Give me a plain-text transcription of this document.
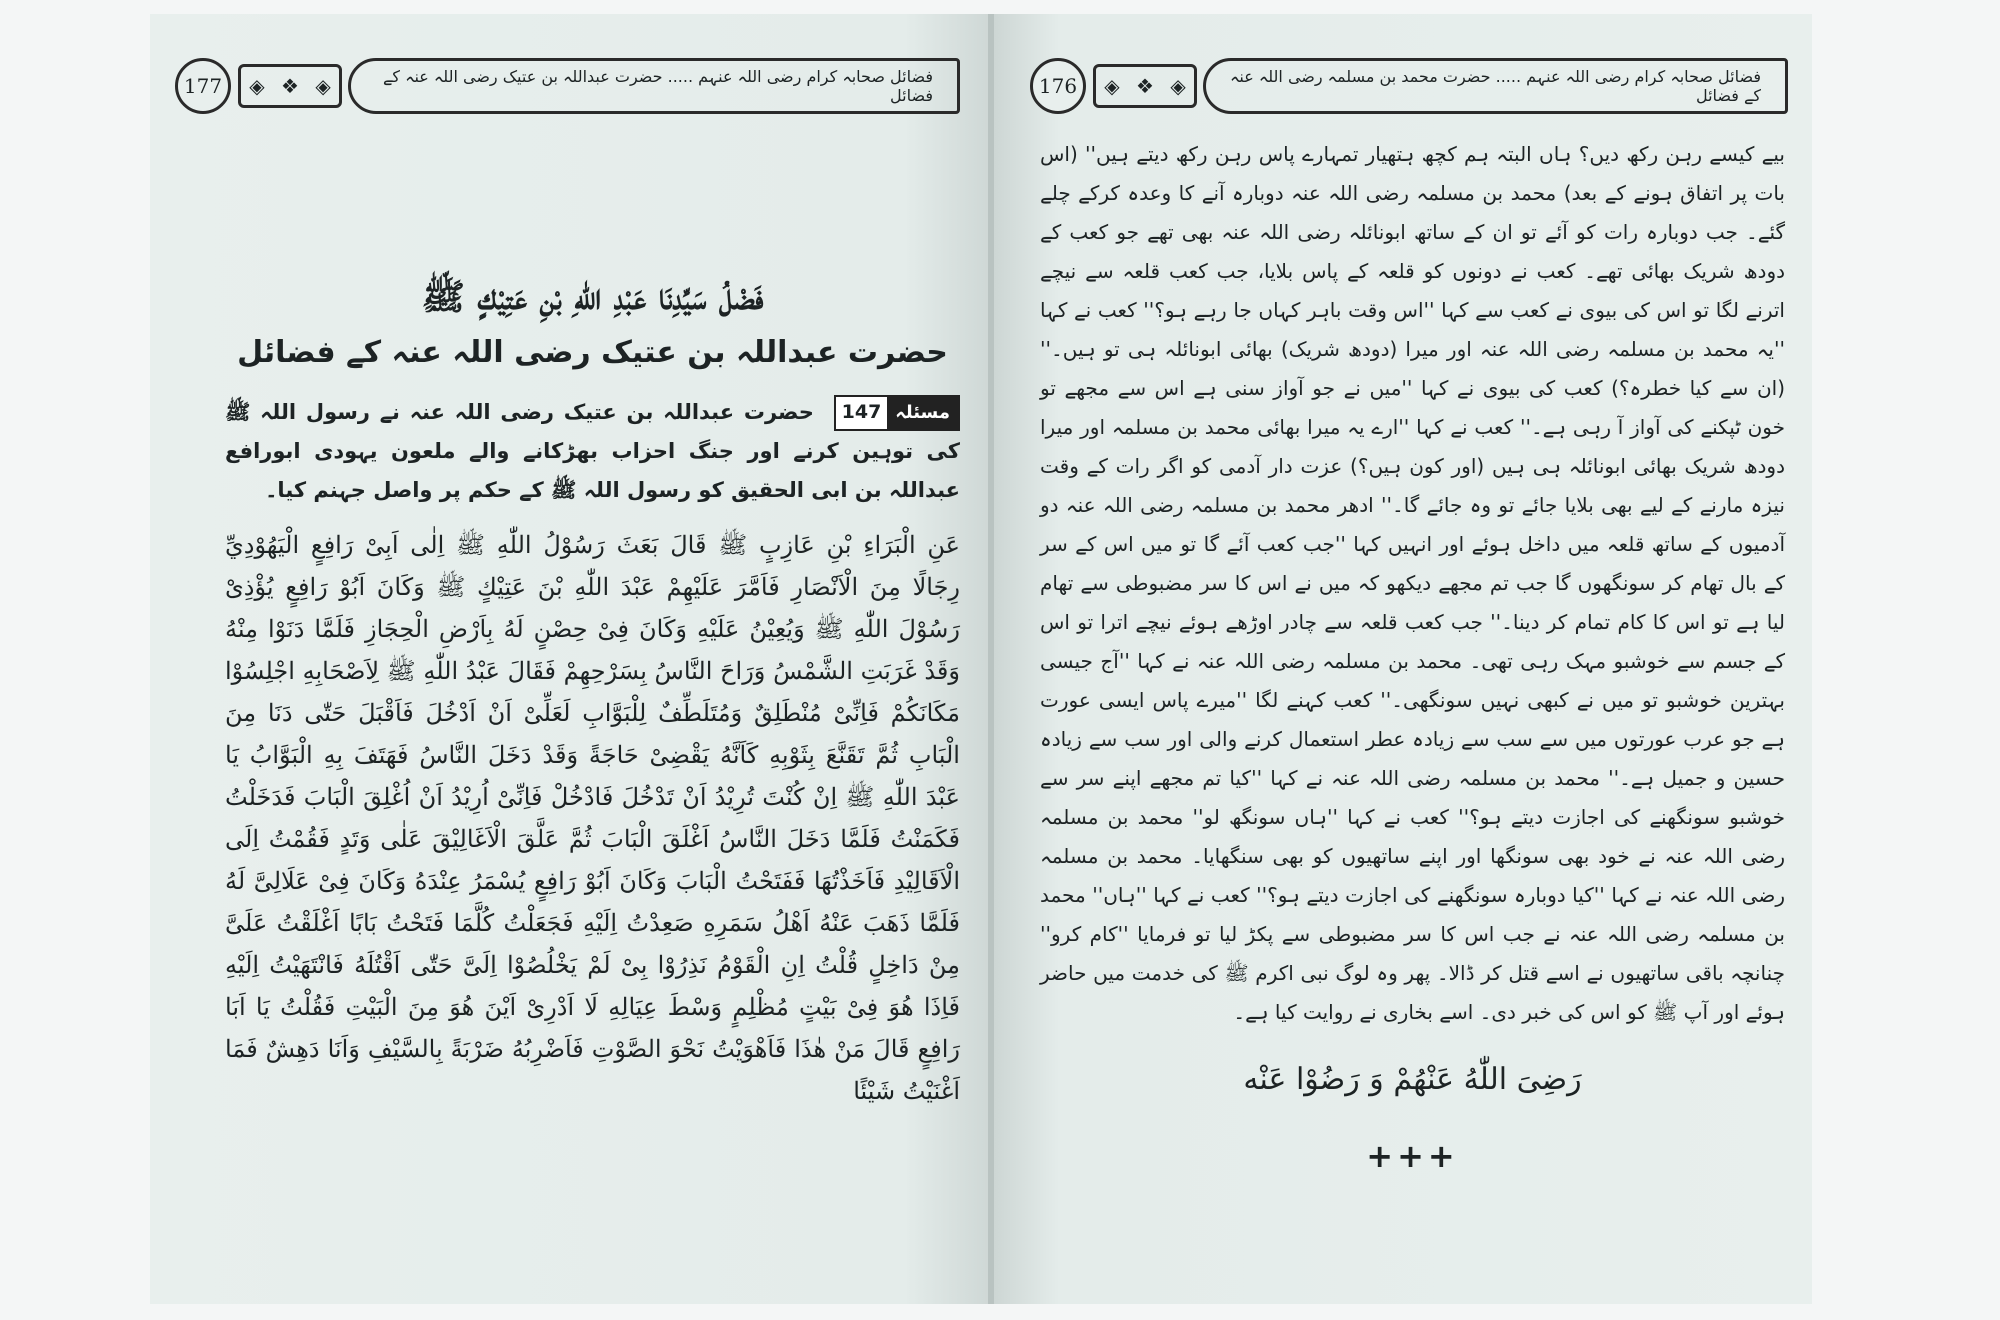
177	◈ ❖ ◈	فضائل صحابہ کرام رضی اللہ عنہم ..... حضرت عبداللہ بن عتیک رضی اللہ عنہ کے فضائل
فَضْلُ سَيِّدِنَا عَبْدِ اللّٰهِ بْنِ عَتِيْكٍ ﷺ
حضرت عبداللہ بن عتیک رضی اللہ عنہ کے فضائل
مسئلہ
147
حضرت عبداللہ بن عتیک رضی اللہ عنہ نے رسول اللہ ﷺ کی توہین کرنے اور جنگ احزاب بھڑکانے والے ملعون یہودی ابورافع عبداللہ بن ابی الحقیق کو رسول اللہ ﷺ کے حکم پر واصل جہنم کیا۔
عَنِ الْبَرَاءِ بْنِ عَازِبٍ ﷺ قَالَ بَعَثَ رَسُوْلُ اللّٰهِ ﷺ اِلٰى اَبِىْ رَافِعٍ الْيَهُوْدِيِّ رِجَالًا مِنَ الْاَنْصَارِ فَاَمَّرَ عَلَيْهِمْ عَبْدَ اللّٰهِ بْنَ عَتِيْكٍ ﷺ وَكَانَ اَبُوْ رَافِعٍ يُؤْذِىْ رَسُوْلَ اللّٰهِ ﷺ وَيُعِيْنُ عَلَيْهِ وَكَانَ فِىْ حِصْنٍ لَهُ بِاَرْضِ الْحِجَازِ فَلَمَّا دَنَوْا مِنْهُ وَقَدْ غَرَبَتِ الشَّمْسُ وَرَاحَ النَّاسُ بِسَرْحِهِمْ فَقَالَ عَبْدُ اللّٰهِ ﷺ لِاَصْحَابِهِ اجْلِسُوْا مَكَانَكُمْ فَاِنِّىْ مُنْطَلِقٌ وَمُتَلَطِّفٌ لِلْبَوَّابِ لَعَلِّىْ اَنْ اَدْخُلَ فَاَقْبَلَ حَتّٰى دَنَا مِنَ الْبَابِ ثُمَّ تَقَنَّعَ بِثَوْبِهِ كَاَنَّهُ يَقْضِىْ حَاجَةً وَقَدْ دَخَلَ النَّاسُ فَهَتَفَ بِهِ الْبَوَّابُ يَا عَبْدَ اللّٰهِ ﷺ اِنْ كُنْتَ تُرِيْدُ اَنْ تَدْخُلَ فَادْخُلْ فَاِنِّىْ اُرِيْدُ اَنْ اُغْلِقَ الْبَابَ فَدَخَلْتُ فَكَمَنْتُ فَلَمَّا دَخَلَ النَّاسُ اَغْلَقَ الْبَابَ ثُمَّ عَلَّقَ الْاَغَالِيْقَ عَلٰى وَتَدٍ فَقُمْتُ اِلَى الْاَقَالِيْدِ فَاَخَذْتُهَا فَفَتَحْتُ الْبَابَ وَكَانَ اَبُوْ رَافِعٍ يُسْمَرُ عِنْدَهُ وَكَانَ فِىْ عَلَالِىَّ لَهُ فَلَمَّا ذَهَبَ عَنْهُ اَهْلُ سَمَرِهِ صَعِدْتُ اِلَيْهِ فَجَعَلْتُ كُلَّمَا فَتَحْتُ بَابًا اَغْلَقْتُ عَلَىَّ مِنْ دَاخِلٍ قُلْتُ اِنِ الْقَوْمُ نَذِرُوْا بِىْ لَمْ يَخْلُصُوْا اِلَىَّ حَتّٰى اَقْتُلَهُ فَانْتَهَيْتُ اِلَيْهِ فَاِذَا هُوَ فِىْ بَيْتٍ مُظْلِمٍ وَسْطَ عِيَالِهِ لَا اَدْرِىْ اَيْنَ هُوَ مِنَ الْبَيْتِ فَقُلْتُ يَا اَبَا رَافِعٍ قَالَ مَنْ هٰذَا فَاَهْوَيْتُ نَحْوَ الصَّوْتِ فَاَضْرِبُهُ ضَرْبَةً بِالسَّيْفِ وَاَنَا دَهِشٌ فَمَا اَغْنَيْتُ شَيْئًا
176	◈ ❖ ◈	فضائل صحابہ کرام رضی اللہ عنہم ..... حضرت محمد بن مسلمہ رضی اللہ عنہ کے فضائل
بیے کیسے رہن رکھ دیں؟ ہاں البتہ ہم کچھ ہتھیار تمہارے پاس رہن رکھ دیتے ہیں'' (اس بات پر اتفاق ہونے کے بعد) محمد بن مسلمہ رضی اللہ عنہ دوبارہ آنے کا وعدہ کرکے چلے گئے۔ جب دوبارہ رات کو آئے تو ان کے ساتھ ابونائلہ رضی اللہ عنہ بھی تھے جو کعب کے دودھ شریک بھائی تھے۔ کعب نے دونوں کو قلعہ کے پاس بلایا، جب کعب قلعہ سے نیچے اترنے لگا تو اس کی بیوی نے کعب سے کہا ''اس وقت باہر کہاں جا رہے ہو؟'' کعب نے کہا ''یہ محمد بن مسلمہ رضی اللہ عنہ اور میرا (دودھ شریک) بھائی ابونائلہ ہی تو ہیں۔'' (ان سے کیا خطرہ؟) کعب کی بیوی نے کہا ''میں نے جو آواز سنی ہے اس سے مجھے تو خون ٹپکنے کی آواز آ رہی ہے۔'' کعب نے کہا ''ارے یہ میرا بھائی محمد بن مسلمہ اور میرا دودھ شریک بھائی ابونائلہ ہی ہیں (اور کون ہیں؟) عزت دار آدمی کو اگر رات کے وقت نیزہ مارنے کے لیے بھی بلایا جائے تو وہ جائے گا۔'' ادھر محمد بن مسلمہ رضی اللہ عنہ دو آدمیوں کے ساتھ قلعہ میں داخل ہوئے اور انہیں کہا ''جب کعب آئے گا تو میں اس کے سر کے بال تھام کر سونگھوں گا جب تم مجھے دیکھو کہ میں نے اس کا سر مضبوطی سے تھام لیا ہے تو اس کا کام تمام کر دینا۔'' جب کعب قلعہ سے چادر اوڑھے ہوئے نیچے اترا تو اس کے جسم سے خوشبو مہک رہی تھی۔ محمد بن مسلمہ رضی اللہ عنہ نے کہا ''آج جیسی بہترین خوشبو تو میں نے کبھی نہیں سونگھی۔'' کعب کہنے لگا ''میرے پاس ایسی عورت ہے جو عرب عورتوں میں سے سب سے زیادہ عطر استعمال کرنے والی اور سب سے زیادہ حسین و جمیل ہے۔'' محمد بن مسلمہ رضی اللہ عنہ نے کہا ''کیا تم مجھے اپنے سر سے خوشبو سونگھنے کی اجازت دیتے ہو؟'' کعب نے کہا ''ہاں سونگھ لو'' محمد بن مسلمہ رضی اللہ عنہ نے خود بھی سونگھا اور اپنے ساتھیوں کو بھی سنگھایا۔ محمد بن مسلمہ رضی اللہ عنہ نے کہا ''کیا دوبارہ سونگھنے کی اجازت دیتے ہو؟'' کعب نے کہا ''ہاں'' محمد بن مسلمہ رضی اللہ عنہ نے جب اس کا سر مضبوطی سے پکڑ لیا تو فرمایا ''کام کرو'' چنانچہ باقی ساتھیوں نے اسے قتل کر ڈالا۔ پھر وہ لوگ نبی اکرم ﷺ کی خدمت میں حاضر ہوئے اور آپ ﷺ کو اس کی خبر دی۔ اسے بخاری نے روایت کیا ہے۔
رَضِیَ اللّٰهُ عَنْهُمْ وَ رَضُوْا عَنْه
+++
